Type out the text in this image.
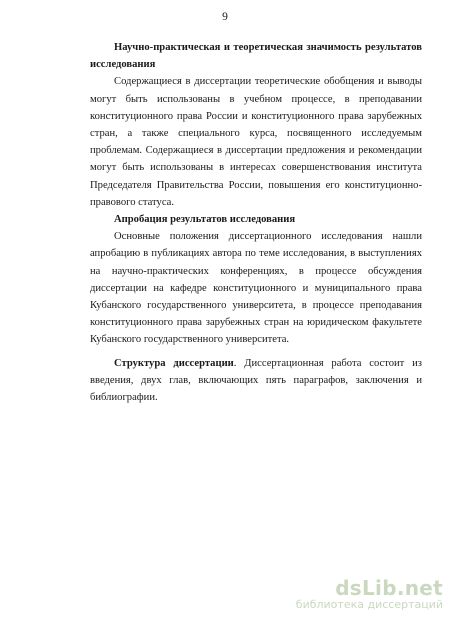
9

Научно-практическая и теоретическая значимость результатов исследования

Содержащиеся в диссертации теоретические обобщения и выводы могут быть использованы в учебном процессе, в преподавании конституционного права России и конституционного права зарубежных стран, а также специального курса, посвященного исследуемым проблемам. Содержащиеся в диссертации предложения и рекомендации могут быть использованы в интересах совершенствования института Председателя Правительства России, повышения его конституционно-правового статуса.

Апробация результатов исследования

Основные положения диссертационного исследования нашли апробацию в публикациях автора по теме исследования, в выступлениях на научно-практических конференциях, в процессе обсуждения диссертации на кафедре конституционного и муниципального права Кубанского государственного университета, в процессе преподавания конституционного права зарубежных стран на юридическом факультете Кубанского государственного университета.

Структура диссертации. Диссертационная работа состоит из введения, двух глав, включающих пять параграфов, заключения и библиографии.

dsLib.net
библиотека диссертаций
